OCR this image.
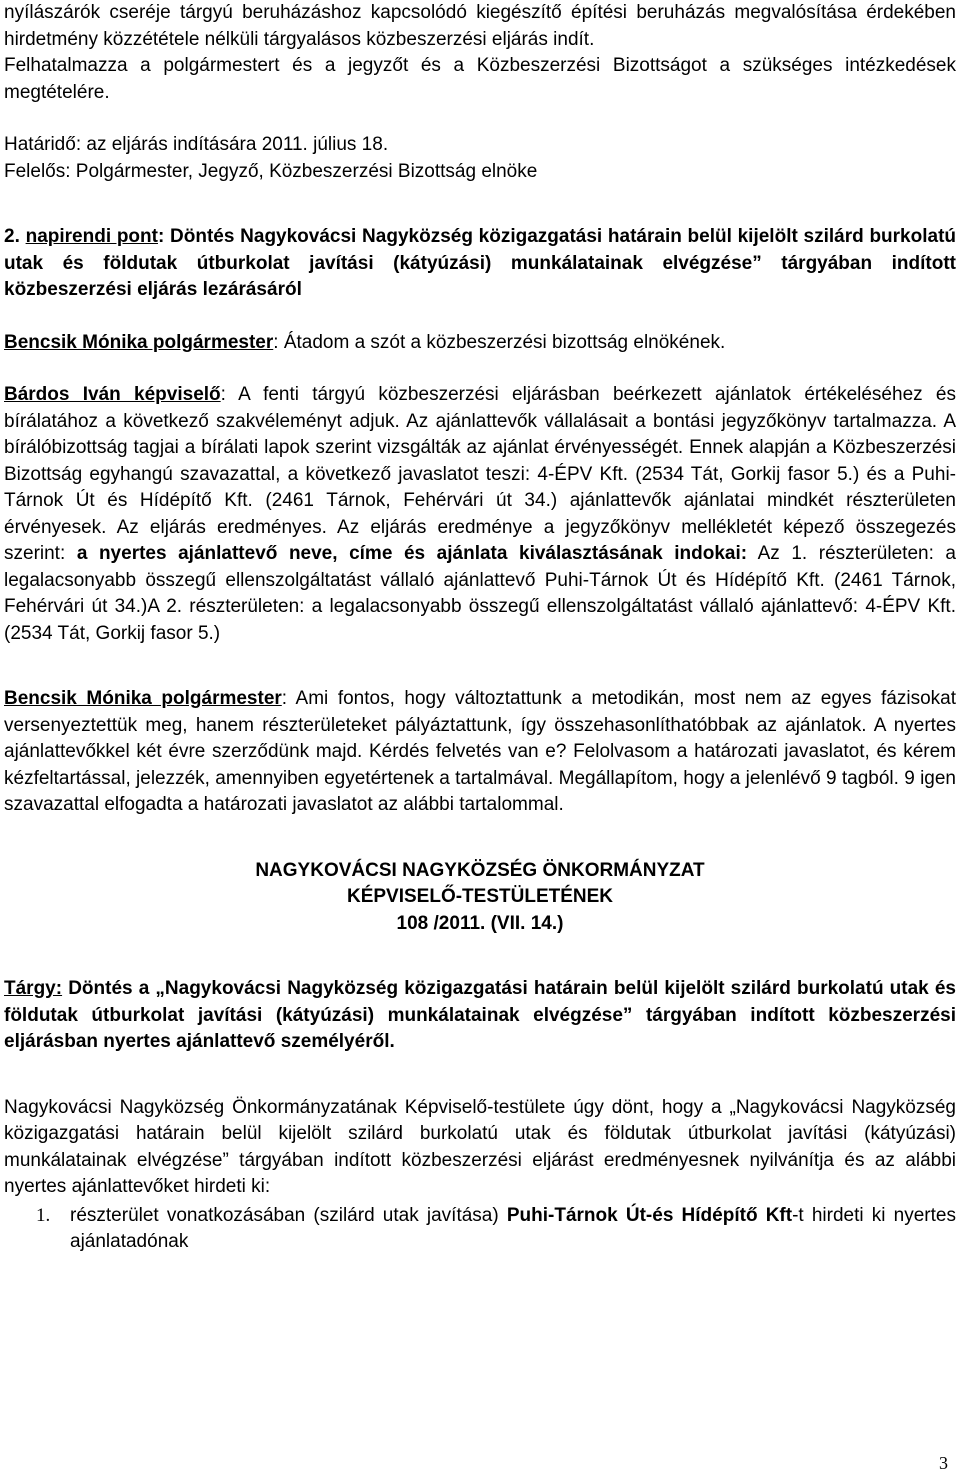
nyílászárók cseréje tárgyú beruházáshoz kapcsolódó kiegészítő építési beruházás megvalósítása érdekében hirdetmény közzététele nélküli tárgyalásos közbeszerzési eljárás indít.

Felhatalmazza a polgármestert és a jegyzőt és a Közbeszerzési Bizottságot a szükséges intézkedések megtételére.

Határidő: az eljárás indítására 2011. július 18.

Felelős: Polgármester, Jegyző, Közbeszerzési Bizottság elnöke

2. napirendi pont: Döntés Nagykovácsi Nagyközség közigazgatási határain belül kijelölt szilárd burkolatú utak és földutak útburkolat javítási (kátyúzási) munkálatainak elvégzése” tárgyában indított közbeszerzési eljárás lezárásáról

Bencsik Mónika polgármester: Átadom a szót a közbeszerzési bizottság elnökének.

Bárdos Iván képviselő: A fenti tárgyú közbeszerzési eljárásban beérkezett ajánlatok értékeléséhez és bírálatához a következő szakvéleményt adjuk. Az ajánlattevők vállalásait a bontási jegyzőkönyv tartalmazza. A bírálóbizottság tagjai a bírálati lapok szerint vizsgálták az ajánlat érvényességét. Ennek alapján a Közbeszerzési Bizottság egyhangú szavazattal, a következő javaslatot teszi: 4-ÉPV Kft. (2534 Tát, Gorkij fasor 5.) és a Puhi-Tárnok Út és Hídépítő Kft. (2461 Tárnok, Fehérvári út 34.) ajánlattevők ajánlatai mindkét részterületen érvényesek. Az eljárás eredményes. Az eljárás eredménye a jegyzőkönyv mellékletét képező összegezés szerint: a nyertes ajánlattevő neve, címe és ajánlata kiválasztásának indokai: Az 1. részterületen: a legalacsonyabb összegű ellenszolgáltatást vállaló ajánlattevő Puhi-Tárnok Út és Hídépítő Kft. (2461 Tárnok, Fehérvári út 34.)A 2. részterületen: a legalacsonyabb összegű ellenszolgáltatást vállaló ajánlattevő: 4-ÉPV Kft. (2534 Tát, Gorkij fasor 5.)

Bencsik Mónika polgármester: Ami fontos, hogy változtattunk a metodikán, most nem az egyes fázisokat versenyeztettük meg, hanem részterületeket pályáztattunk, így összehasonlíthatóbbak az ajánlatok. A nyertes ajánlattevőkkel két évre szerződünk majd. Kérdés felvetés van e? Felolvasom a határozati javaslatot, és kérem kézfeltartással, jelezzék, amennyiben egyetértenek a tartalmával. Megállapítom, hogy a jelenlévő 9 tagból. 9 igen szavazattal elfogadta a határozati javaslatot az alábbi tartalommal.

NAGYKOVÁCSI NAGYKÖZSÉG ÖNKORMÁNYZAT
KÉPVISELŐ-TESTÜLETÉNEK
108 /2011. (VII. 14.)

Tárgy: Döntés a „Nagykovácsi Nagyközség közigazgatási határain belül kijelölt szilárd burkolatú utak és földutak útburkolat javítási (kátyúzási) munkálatainak elvégzése” tárgyában indított közbeszerzési eljárásban nyertes ajánlattevő személyéről.

Nagykovácsi Nagyközség Önkormányzatának Képviselő-testülete úgy dönt, hogy a „Nagykovácsi Nagyközség közigazgatási határain belül kijelölt szilárd burkolatú utak és földutak útburkolat javítási (kátyúzási) munkálatainak elvégzése” tárgyában indított közbeszerzési eljárást eredményesnek nyilvánítja és az alábbi nyertes ajánlattevőket hirdeti ki:

1.	részterület vonatkozásában (szilárd utak javítása) Puhi-Tárnok Út-és Hídépítő Kft-t hirdeti ki nyertes ajánlatadónak
3
